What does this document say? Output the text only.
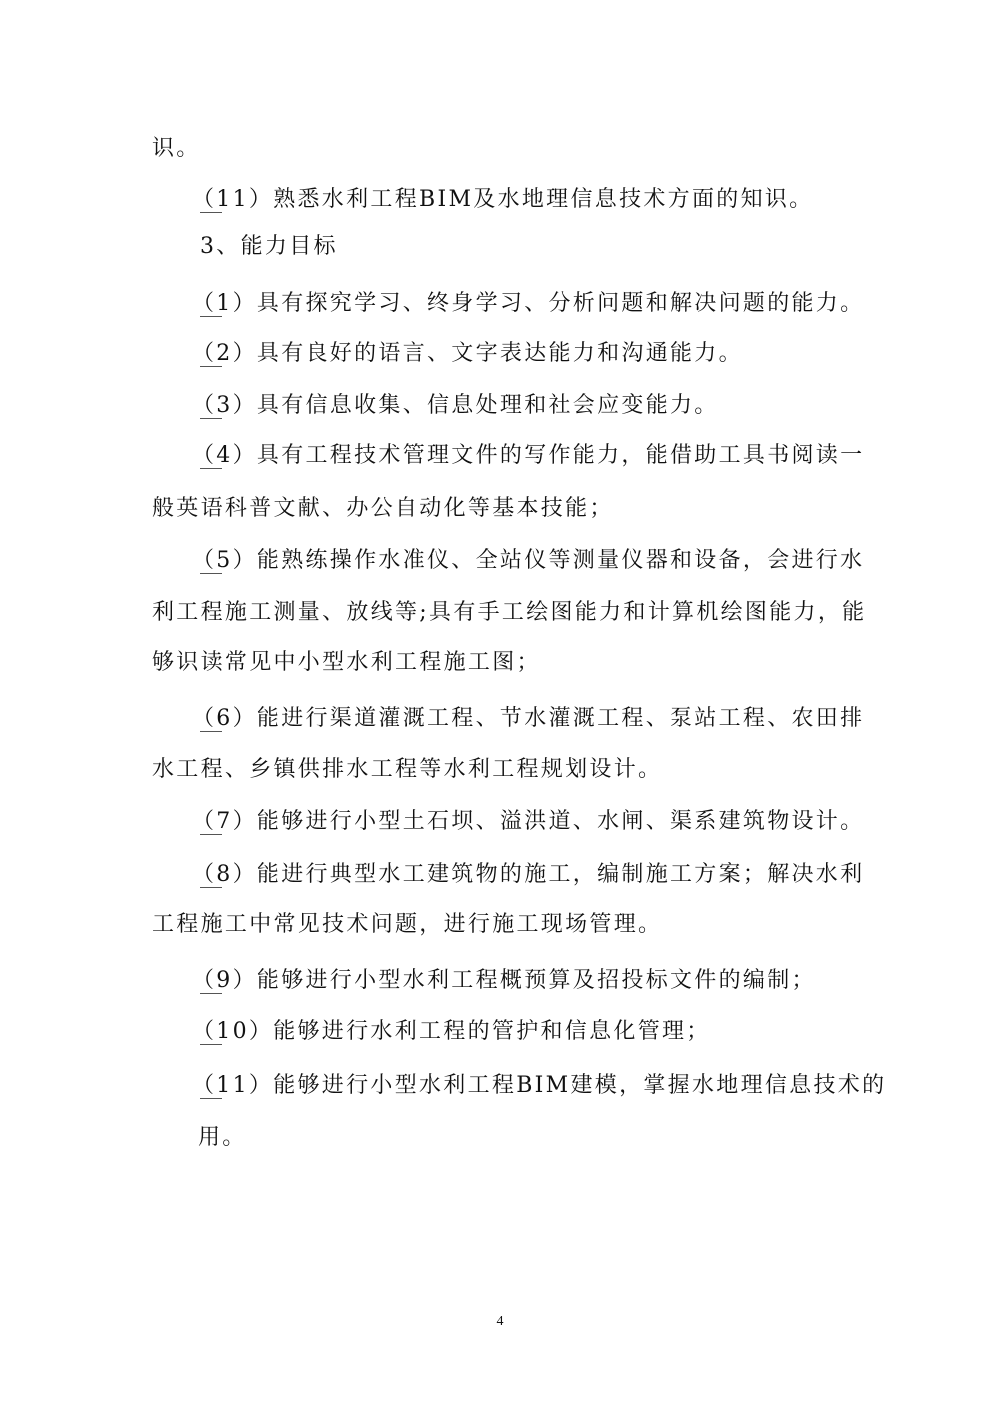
识。

（11）熟悉水利工程BIM及水地理信息技术方面的知识。

3、能力目标

（1）具有探究学习、终身学习、分析问题和解决问题的能力。

（2）具有良好的语言、文字表达能力和沟通能力。

（3）具有信息收集、信息处理和社会应变能力。

（4）具有工程技术管理文件的写作能力，能借助工具书阅读一

般英语科普文献、办公自动化等基本技能；

（5）能熟练操作水准仪、全站仪等测量仪器和设备，会进行水

利工程施工测量、放线等;具有手工绘图能力和计算机绘图能力，能

够识读常见中小型水利工程施工图；

（6）能进行渠道灌溉工程、节水灌溉工程、泵站工程、农田排

水工程、乡镇供排水工程等水利工程规划设计。

（7）能够进行小型土石坝、溢洪道、水闸、渠系建筑物设计。

（8）能进行典型水工建筑物的施工，编制施工方案；解决水利

工程施工中常见技术问题，进行施工现场管理。

（9）能够进行小型水利工程概预算及招投标文件的编制；

（10）能够进行水利工程的管护和信息化管理；

（11）能够进行小型水利工程BIM建模，掌握水地理信息技术的

用。

4
